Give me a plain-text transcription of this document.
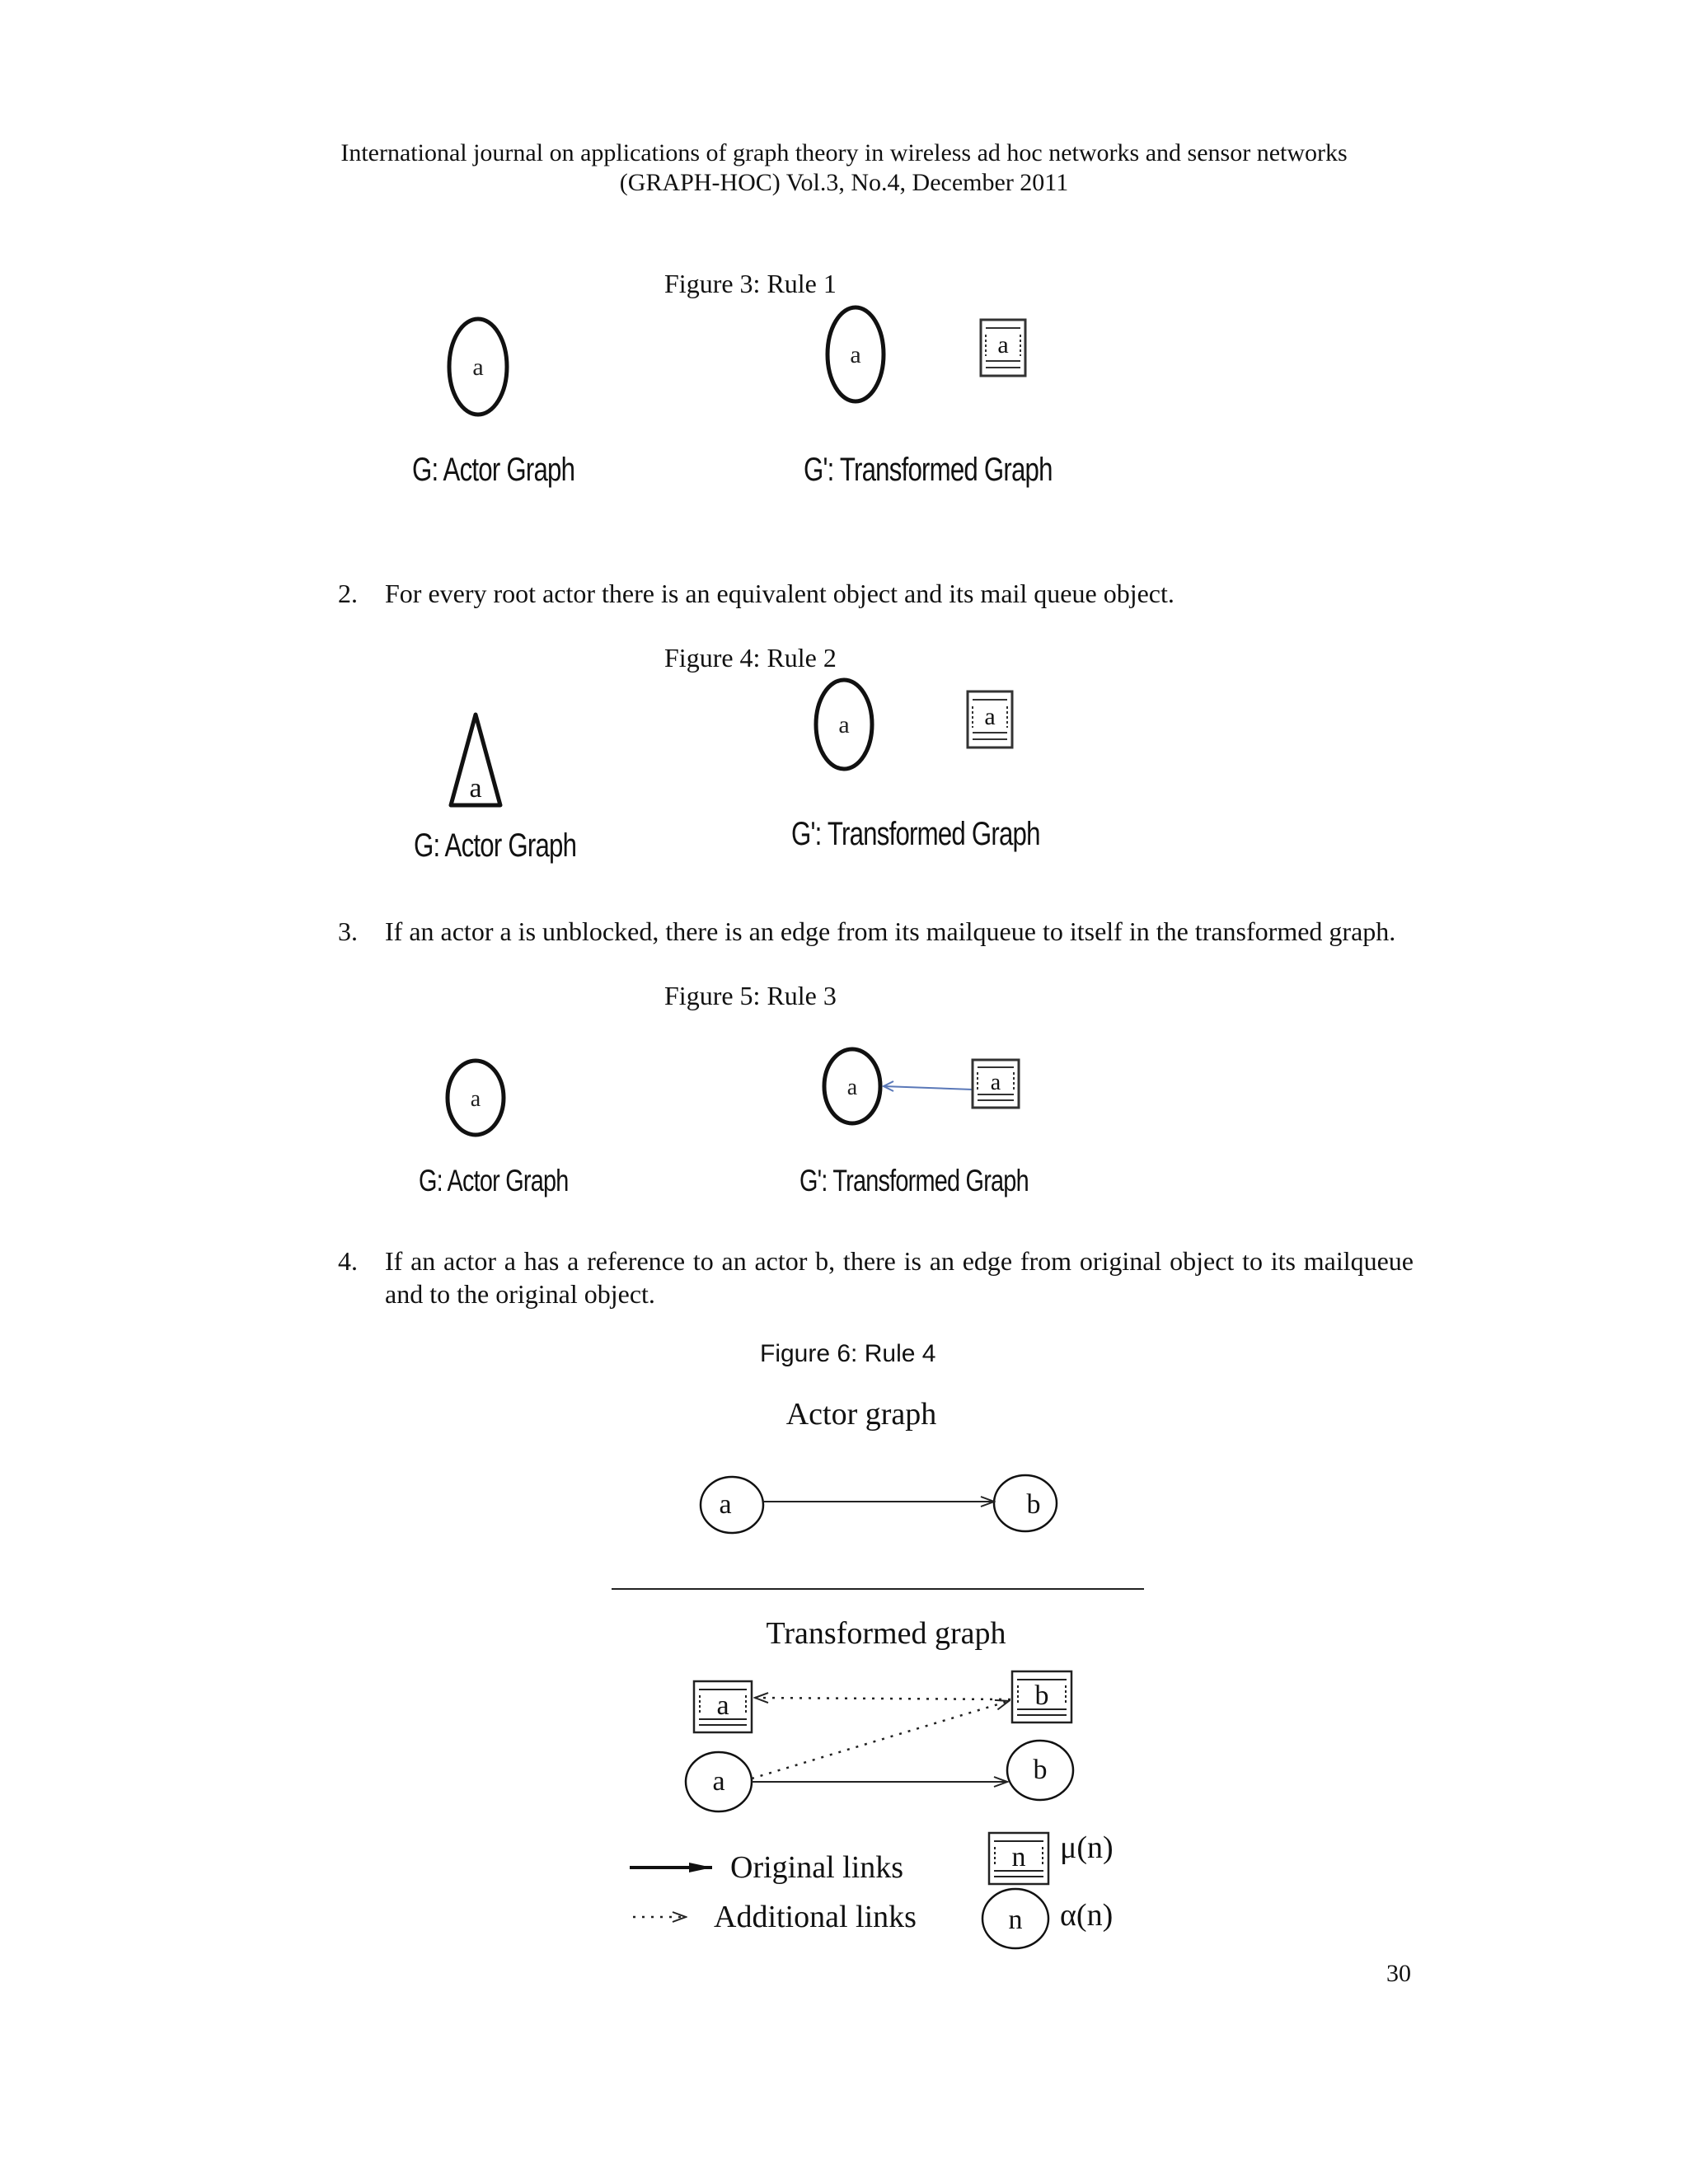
International journal on applications of graph theory in wireless ad hoc networks and sensor networks
(GRAPH-HOC) Vol.3, No.4, December 2011
Figure 3: Rule 1
a	a	a
G: Actor Graph	G': Transformed Graph
2. For every root actor there is an equivalent object and its mail queue object.
Figure 4: Rule 2
a
a	a
G: Actor Graph	G': Transformed Graph
3. If an actor a is unblocked, there is an edge from its mailqueue to itself in the transformed graph.
Figure 5: Rule 3
a	a	a
G: Actor Graph	G': Transformed Graph
4. If an actor a has a reference to an actor b, there is an edge from original object to its mailqueue and to the original object.
Figure 6: Rule 4
Actor graph
a	b
Transformed graph
a	b
a	b
Original links
Additional links
n μ(n)
n α(n)
30
